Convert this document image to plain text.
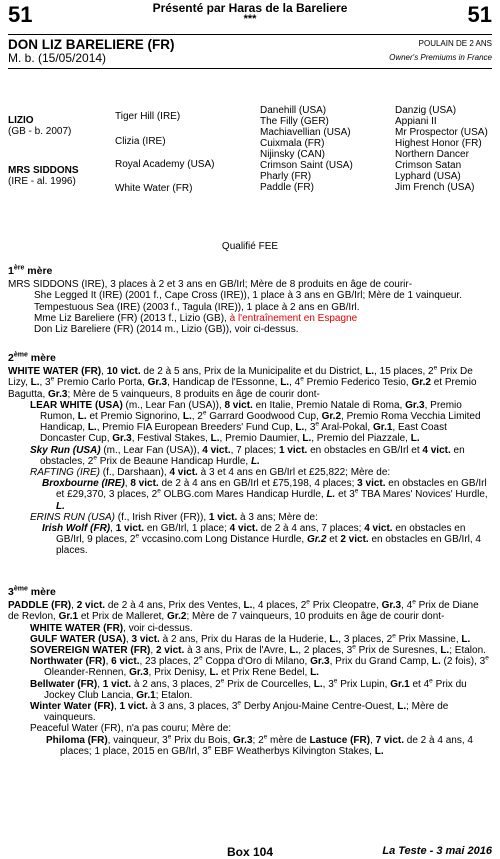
51	51
Présenté par Haras de la Bareliere
***
DON LIZ BARELIERE (FR)
M. b. (15/05/2014)
POULAIN DE 2 ANS
Owner's Premiums in France
LIZIO
(GB - b. 2007)
MRS SIDDONS
(IRE - al. 1996)
Tiger Hill (IRE)
Clizia (IRE)
Royal Academy (USA)
White Water (FR)
Danehill (USA)
The Filly (GER)
Machiavellian (USA)
Cuixmala (FR)
Nijinsky (CAN)
Crimson Saint (USA)
Pharly (FR)
Paddle (FR)
Danzig (USA)
Appiani II
Mr Prospector (USA)
Highest Honor (FR)
Northern Dancer
Crimson Satan
Lyphard (USA)
Jim French (USA)
Qualifié FEE
1ère mère

MRS SIDDONS (IRE), 3 places à 2 et 3 ans en GB/Irl; Mère de 8 produits en âge de courir-

She Legged It (IRE) (2001 f., Cape Cross (IRE)), 1 place à 3 ans en GB/Irl; Mère de 1 vainqueur.

Tempestuous Sea (IRE) (2003 f., Tagula (IRE)), 1 place à 2 ans en GB/Irl.

Mme Liz Bareliere (FR) (2013 f., Lizio (GB), à l'entraînement en Espagne

Don Liz Bareliere (FR) (2014 m., Lizio (GB)), voir ci-dessus.

2ème mère

WHITE WATER (FR), 10 vict. de 2 à 5 ans, Prix de la Municipalite et du District, L., 15 places, 2e Prix De Lizy, L., 3e Premio Carlo Porta, Gr.3, Handicap de l'Essonne, L., 4e Premio Federico Tesio, Gr.2 et Premio Bagutta, Gr.3; Mère de 5 vainqueurs, 8 produits en âge de courir dont-

LEAR WHITE (USA) (m., Lear Fan (USA)), 8 vict. en Italie, Premio Natale di Roma, Gr.3, Premio Rumon, L. et Premio Signorino, L., 2e Garrard Goodwood Cup, Gr.2, Premio Roma Vecchia Limited Handicap, L., Premio FIA European Breeders' Fund Cup, L., 3e Aral-Pokal, Gr.1, East Coast Doncaster Cup, Gr.3, Festival Stakes, L., Premio Daumier, L., Premio del Piazzale, L.

Sky Run (USA) (m., Lear Fan (USA)), 4 vict., 7 places; 1 vict. en obstacles en GB/Irl et 4 vict. en obstacles, 2e Prix de Beaune Handicap Hurdle, L.

RAFTING (IRE) (f., Darshaan), 4 vict. à 3 et 4 ans en GB/Irl et £25,822; Mère de:

Broxbourne (IRE), 8 vict. de 2 à 4 ans en GB/Irl et £75,198, 4 places; 3 vict. en obstacles en GB/Irl et £29,370, 3 places, 2e OLBG.com Mares Handicap Hurdle, L. et 3e TBA Mares' Novices' Hurdle, L.

ERINS RUN (USA) (f., Irish River (FR)), 1 vict. à 3 ans; Mère de:

Irish Wolf (FR), 1 vict. en GB/Irl, 1 place; 4 vict. de 2 à 4 ans, 7 places; 4 vict. en obstacles en GB/Irl, 9 places, 2e vccasino.com Long Distance Hurdle, Gr.2 et 2 vict. en obstacles en GB/Irl, 4 places.

3ème mère

PADDLE (FR), 2 vict. de 2 à 4 ans, Prix des Ventes, L., 4 places, 2e Prix Cleopatre, Gr.3, 4e Prix de Diane de Revlon, Gr.1 et Prix de Malleret, Gr.2; Mère de 7 vainqueurs, 10 produits en âge de courir dont-

WHITE WATER (FR), voir ci-dessus.

GULF WATER (USA), 3 vict. à 2 ans, Prix du Haras de la Huderie, L., 3 places, 2e Prix Massine, L.

SOVEREIGN WATER (FR), 2 vict. à 3 ans, Prix de l'Avre, L., 2 places, 3e Prix de Suresnes, L.; Etalon.

Northwater (FR), 6 vict., 23 places, 2e Coppa d'Oro di Milano, Gr.3, Prix du Grand Camp, L. (2 fois), 3e Oleander-Rennen, Gr.3, Prix Denisy, L. et Prix Rene Bedel, L.

Bellwater (FR), 1 vict. à 2 ans, 3 places, 2e Prix de Courcelles, L., 3e Prix Lupin, Gr.1 et 4e Prix du Jockey Club Lancia, Gr.1; Etalon.

Winter Water (FR), 1 vict. à 3 ans, 3 places, 3e Derby Anjou-Maine Centre-Ouest, L.; Mère de vainqueurs.

Peaceful Water (FR), n'a pas couru; Mère de:

Philoma (FR), vainqueur, 3e Prix du Bois, Gr.3; 2e mère de Lastuce (FR), 7 vict. de 2 à 4 ans, 4 places; 1 place, 2015 en GB/Irl, 3e EBF Weatherbys Kilvington Stakes, L.

Box 104	La Teste - 3 mai 2016
